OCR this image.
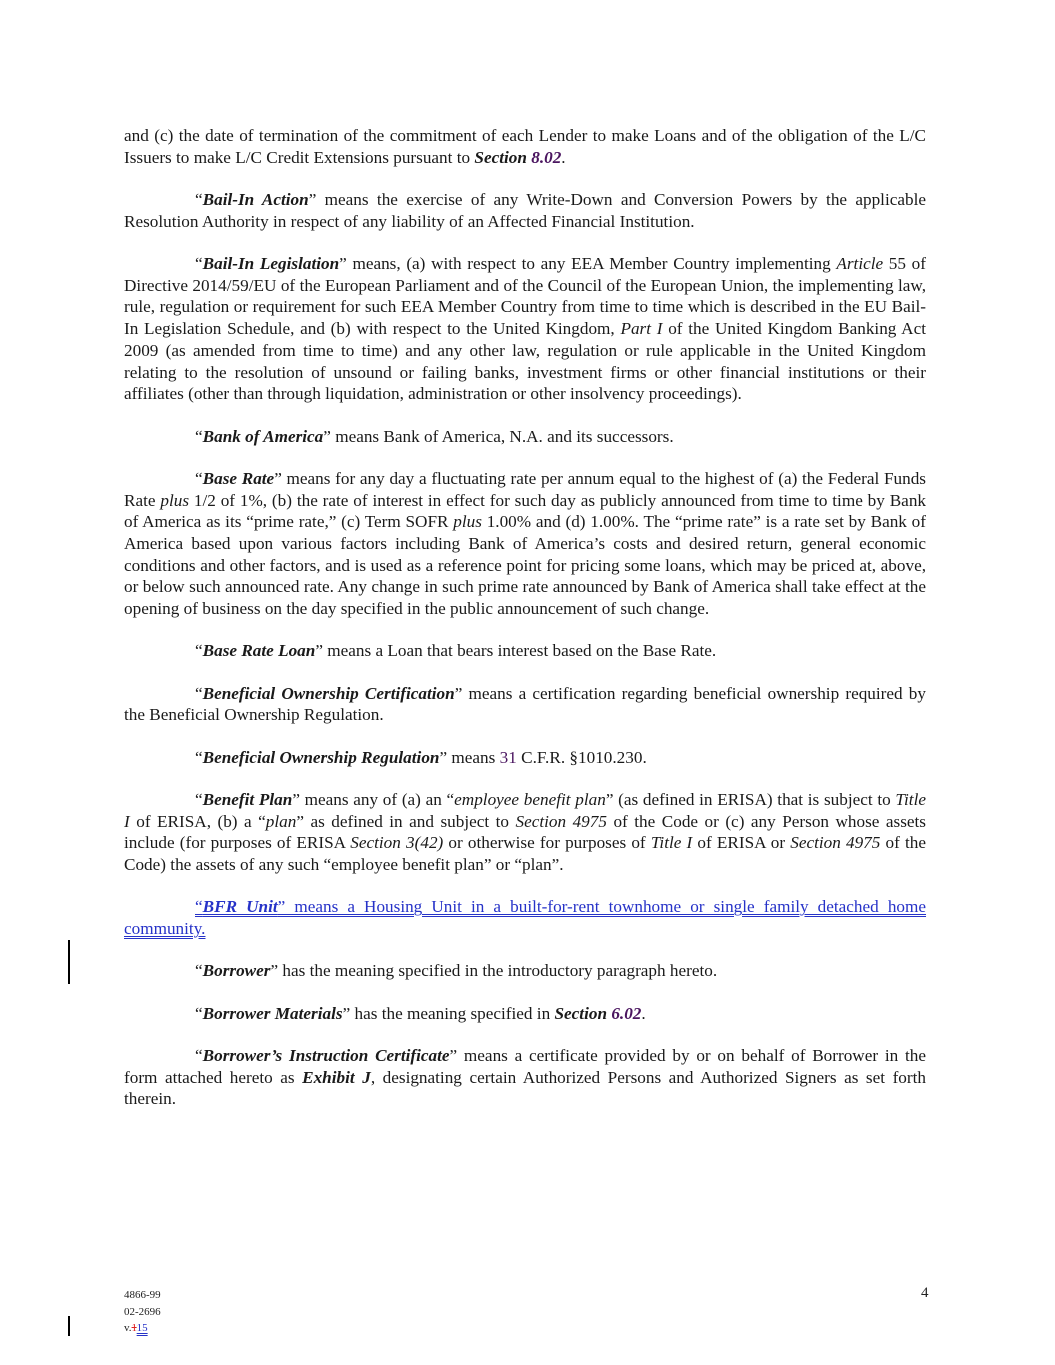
and (c) the date of termination of the commitment of each Lender to make Loans and of the obligation of the L/C Issuers to make L/C Credit Extensions pursuant to Section 8.02.

“Bail-In Action” means the exercise of any Write-Down and Conversion Powers by the applicable Resolution Authority in respect of any liability of an Affected Financial Institution.

“Bail-In Legislation” means, (a) with respect to any EEA Member Country implementing Article 55 of Directive 2014/59/EU of the European Parliament and of the Council of the European Union, the implementing law, rule, regulation or requirement for such EEA Member Country from time to time which is described in the EU Bail-In Legislation Schedule, and (b) with respect to the United Kingdom, Part I of the United Kingdom Banking Act 2009 (as amended from time to time) and any other law, regulation or rule applicable in the United Kingdom relating to the resolution of unsound or failing banks, investment firms or other financial institutions or their affiliates (other than through liquidation, administration or other insolvency proceedings).

“Bank of America” means Bank of America, N.A. and its successors.

“Base Rate” means for any day a fluctuating rate per annum equal to the highest of (a) the Federal Funds Rate plus 1/2 of 1%, (b) the rate of interest in effect for such day as publicly announced from time to time by Bank of America as its “prime rate,” (c) Term SOFR plus 1.00% and (d) 1.00%. The “prime rate” is a rate set by Bank of America based upon various factors including Bank of America’s costs and desired return, general economic conditions and other factors, and is used as a reference point for pricing some loans, which may be priced at, above, or below such announced rate. Any change in such prime rate announced by Bank of America shall take effect at the opening of business on the day specified in the public announcement of such change.

“Base Rate Loan” means a Loan that bears interest based on the Base Rate.

“Beneficial Ownership Certification” means a certification regarding beneficial ownership required by the Beneficial Ownership Regulation.

“Beneficial Ownership Regulation” means 31 C.F.R. §1010.230.

“Benefit Plan” means any of (a) an “employee benefit plan” (as defined in ERISA) that is subject to Title I of ERISA, (b) a “plan” as defined in and subject to Section 4975 of the Code or (c) any Person whose assets include (for purposes of ERISA Section 3(42) or otherwise for purposes of Title I of ERISA or Section 4975 of the Code) the assets of any such “employee benefit plan” or “plan”.

“BFR Unit” means a Housing Unit in a built-for-rent townhome or single family detached home community.

“Borrower” has the meaning specified in the introductory paragraph hereto.

“Borrower Materials” has the meaning specified in Section 6.02.

“Borrower’s Instruction Certificate” means a certificate provided by or on behalf of Borrower in the form attached hereto as Exhibit J, designating certain Authorized Persons and Authorized Signers as set forth therein.

4866-99
02-2696
v.115
4
